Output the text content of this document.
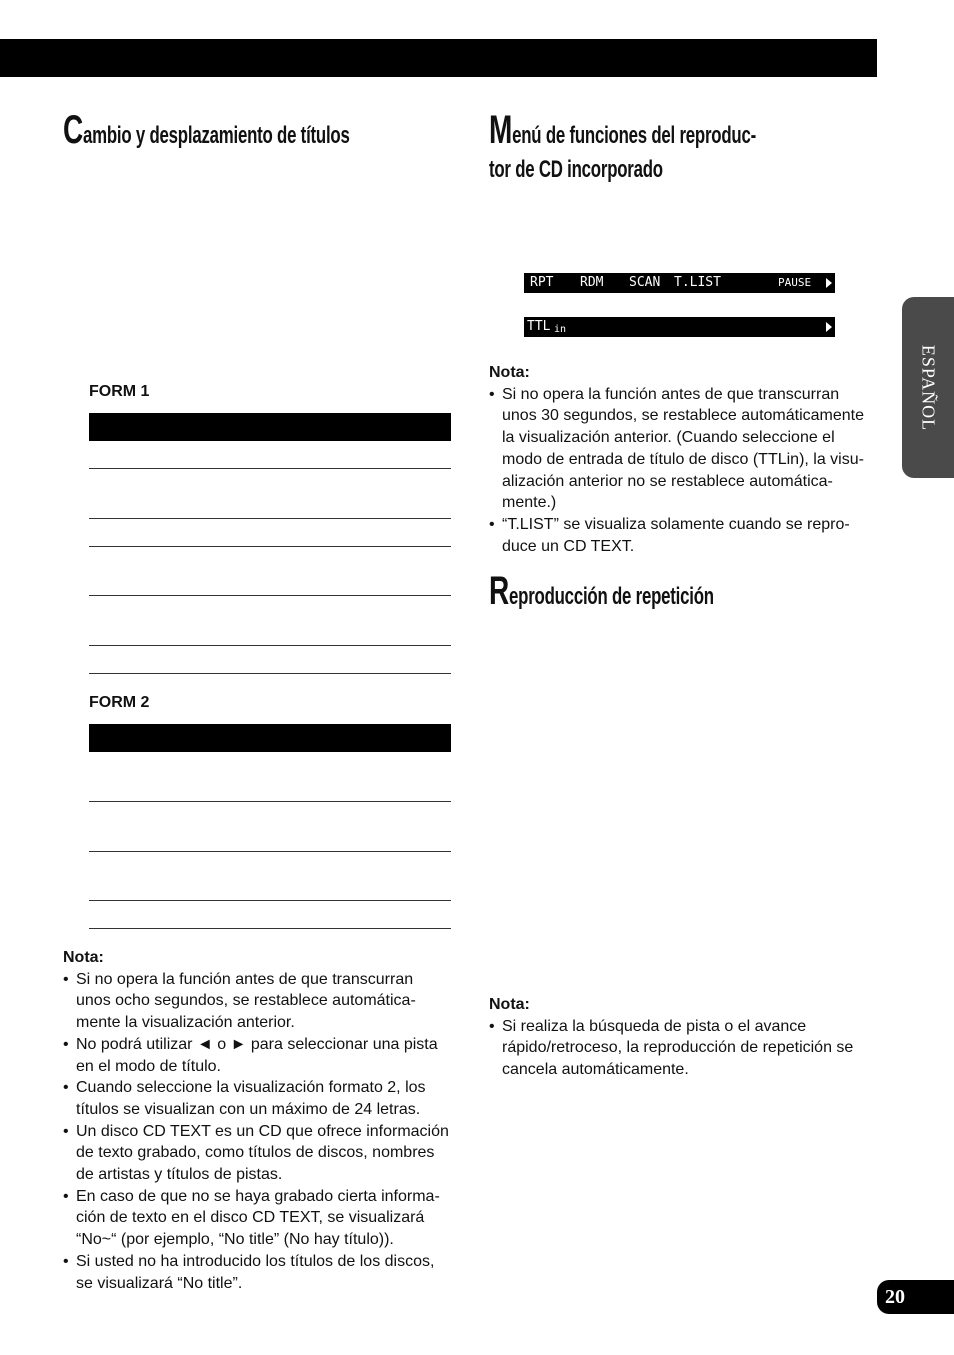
Cambio y desplazamiento de títulos
FORM 1
FORM 2
Nota:
• Si no opera la función antes de que transcurran unos ocho segundos, se restablece automática-mente la visualización anterior.
• No podrá utilizar ◄ o ► para seleccionar una pista en el modo de título.
• Cuando seleccione la visualización formato 2, los títulos se visualizan con un máximo de 24 letras.
• Un disco CD TEXT es un CD que ofrece información de texto grabado, como títulos de discos, nombres de artistas y títulos de pistas.
• En caso de que no se haya grabado cierta informa-ción de texto en el disco CD TEXT, se visualizará “No~“ (por ejemplo, “No title” (No hay título)).
• Si usted no ha introducido los títulos de los discos, se visualizará “No title”.
Menú de funciones del reproduc-
tor de CD incorporado
RPT RDM SCAN T.LIST	PAUSE
TTL in
Nota:
• Si no opera la función antes de que transcurran unos 30 segundos, se restablece automáticamente la visualización anterior. (Cuando seleccione el modo de entrada de título de disco (TTLin), la visu-alización anterior no se restablece automática-mente.)
• “T.LIST” se visualiza solamente cuando se repro-duce un CD TEXT.
Reproducción de repetición
Nota:
• Si realiza la búsqueda de pista o el avance rápido/retroceso, la reproducción de repetición se cancela automáticamente.
ESPAÑOL
20
